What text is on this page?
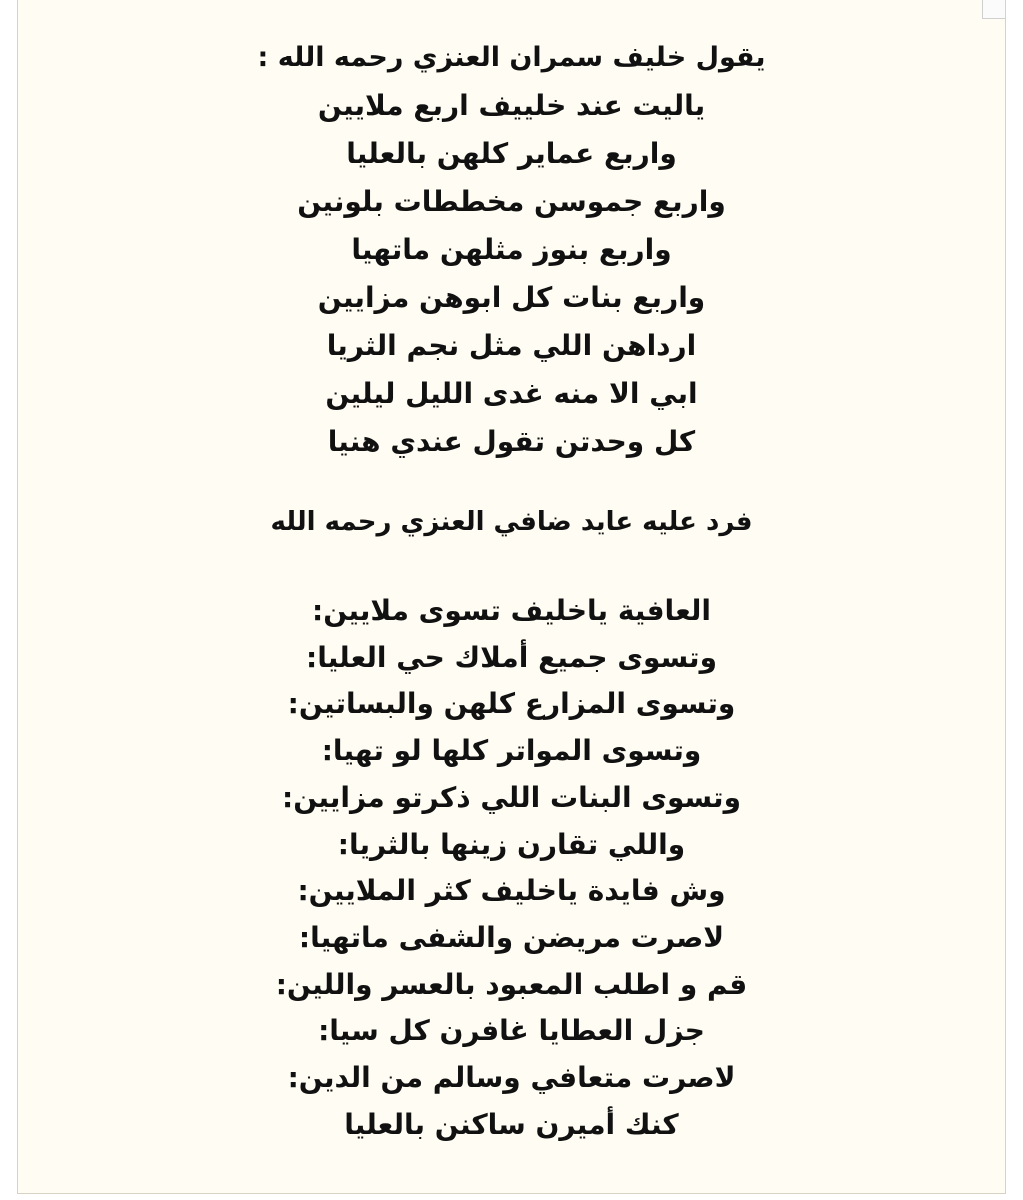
يقول خليف سمران العنزي رحمه الله :
ياليت عند خلييف اربع ملايين
واربع عماير كلهن بالعليا
واربع جموسن مخططات بلونين
واربع بنوز مثلهن ماتهيا
واربع بنات كل ابوهن مزايين
ارداهن اللي مثل نجم الثريا
ابي الا منه غدى الليل ليلين
كل وحدتن تقول عندي هنيا
فرد عليه عايد ضافي العنزي رحمه الله
العافية ياخليف تسوى ملايين:
وتسوى جميع أملاك حي العليا:
وتسوى المزارع كلهن والبساتين:
وتسوى المواتر كلها لو تهيا:
وتسوى البنات اللي ذكرتو مزايين:
واللي تقارن زينها بالثريا:
وش فايدة ياخليف كثر الملايين:
لاصرت مريضن والشفى ماتهيا:
قم و اطلب المعبود بالعسر واللين:
جزل العطايا غافرن كل سيا:
لاصرت متعافي وسالم من الدين:
كنك أميرن ساكنن بالعليا
